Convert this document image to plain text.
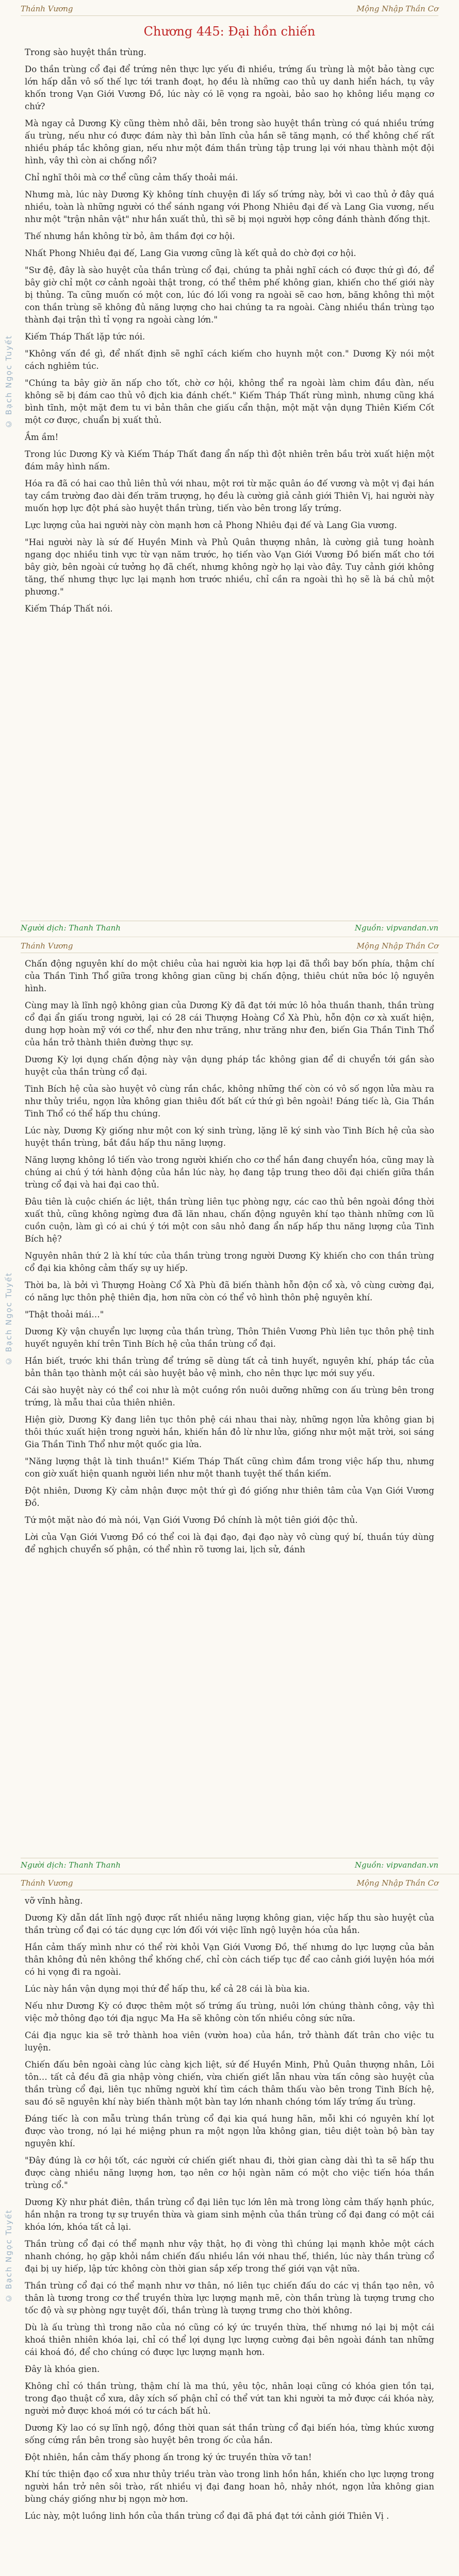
© Bạch Ngọc Tuyết
Thánh Vương	Mộng Nhập Thần Cơ
Chương 445: Đại hồn chiến

Trong sào huyệt thần trùng.

Do thần trùng cổ đại để trứng nên thực lực yếu đi nhiều, trứng ấu trùng là một bảo tàng cực lớn hấp dẫn vô số thế lực tới tranh đoạt, họ đều là những cao thủ uy danh hiển hách, tụ vây khốn trong Vạn Giới Vương Đồ, lúc này có lẽ vọng ra ngoài, bảo sao họ không liều mạng cơ chứ?

Mà ngay cả Dương Kỳ cũng thèm nhỏ dãi, bên trong sào huyệt thần trùng có quá nhiều trứng ấu trùng, nếu như có được đám này thì bản lĩnh của hắn sẽ tăng mạnh, có thể không chế rất nhiều pháp tắc không gian, nếu như một đám thần trùng tập trung lại với nhau thành một đội hình, vây thì còn ai chống nổi?

Chỉ nghĩ thôi mà cơ thể cũng cảm thấy thoải mái.

Nhưng mà, lúc này Dương Kỳ không tính chuyện đi lấy số trứng này, bởi vì cao thủ ở đây quá nhiều, toàn là những người có thể sánh ngang với Phong Nhiêu đại đế và Lang Gia vương, nếu như một "trận nhân vật" như hắn xuất thủ, thì sẽ bị mọi người hợp công đánh thành đống thịt.

Thế nhưng hắn không từ bỏ, âm thầm đợi cơ hội.

Nhất Phong Nhiêu đại đế, Lang Gia vương cũng là kết quả do chờ đợi cơ hội.

"Sư đệ, đây là sào huyệt của thần trùng cổ đại, chúng ta phải nghĩ cách có được thứ gì đó, để bây giờ chỉ một cơ cảnh ngoài thật trong, có thể thêm phế không gian, khiến cho thế giới này bị thủng. Ta cũng muốn có một con, lúc đó lối vong ra ngoài sẽ cao hơn, băng không thì một con thần trùng sẽ không đủ năng lượng cho hai chúng ta ra ngoài. Càng nhiều thần trùng tạo thành đại trận thì tỉ vọng ra ngoài càng lớn."

Kiếm Tháp Thất lặp tức nói.

"Không vấn đề gì, để nhất định sẽ nghĩ cách kiếm cho huynh một con." Dương Kỳ nói một cách nghiêm túc.

"Chúng ta bây giờ ăn nấp cho tốt, chờ cơ hội, không thể ra ngoài làm chim đầu đàn, nếu không sẽ bị đám cao thủ vô địch kia đánh chết." Kiếm Tháp Thất rùng mình, nhưng cũng khá bình tĩnh, một mặt đem tu vi bản thân che giấu cẩn thận, một mặt vận dụng Thiên Kiếm Cốt một cơ được, chuẩn bị xuất thủ.

Ầm ầm!

Trong lúc Dương Kỳ và Kiếm Tháp Thất đang ẩn nấp thì đột nhiên trên bầu trời xuất hiện một đám mây hình nấm.

Hóa ra đã có hai cao thủ liên thủ với nhau, một rơi từ mặc quân áo đế vương và một vị đại hán tay cầm trường đao dài đến trăm trượng, họ đều là cường giả cảnh giới Thiên Vị, hai người này muốn hợp lực đột phá sào huyệt thần trùng, tiến vào bên trong lấy trứng.

Lực lượng của hai người này còn mạnh hơn cả Phong Nhiêu đại đế và Lang Gia vương.

"Hai người này là sứ đế Huyền Minh và Phủ Quân thượng nhân, là cường giả tung hoành ngang dọc nhiều tinh vực từ vạn năm trước, họ tiến vào Vạn Giới Vương Đồ biến mất cho tới bây giờ, bên ngoài cứ tưởng họ đã chết, nhưng không ngờ họ lại vào đây. Tuy cảnh giới không tăng, thế nhưng thực lực lại mạnh hơn trước nhiều, chỉ cần ra ngoài thì họ sẽ là bá chủ một phương."

Kiếm Tháp Thất nói.

Người dịch: Thanh Thanh	Nguồn: vipvandan.vn
© Bạch Ngọc Tuyết
Thánh Vương	Mộng Nhập Thần Cơ

Chấn động nguyên khí do một chiêu của hai người kia hợp lại đã thổi bay bốn phía, thậm chí của Thần Tinh Thổ giữa trong không gian cũng bị chấn động, thiêu chút nữa bóc lộ nguyên hình.

Cùng may là lĩnh ngộ không gian của Dương Kỳ đã đạt tới mức lô hỏa thuần thanh, thần trùng cổ đại ẩn giấu trong người, lại có 28 cái Thượng Hoàng Cổ Xà Phù, hỗn độn cơ xà xuất hiện, dung hợp hoàn mỹ với cơ thể, như đen như trăng, như trăng như đen, biến Gia Thần Tinh Thổ của hắn trở thành thiên đường thực sự.

Dương Kỳ lợi dụng chấn động này vận dụng pháp tắc không gian để di chuyển tới gần sào huyệt của thần trùng cổ đại.

Tinh Bích hệ của sào huyệt vô cùng rắn chắc, không những thế còn có vô số ngọn lửa màu ra như thủy triều, ngọn lửa không gian thiêu đốt bất cứ thứ gì bên ngoài! Đáng tiếc là, Gia Thần Tinh Thổ có thể hấp thu chúng.

Lúc này, Dương Kỳ giống như một con ký sinh trùng, lặng lẽ ký sinh vào Tinh Bích hệ của sào huyệt thần trùng, bắt đầu hấp thu năng lượng.

Năng lượng không lồ tiến vào trong người khiến cho cơ thể hắn đang chuyển hóa, cũng may là chúng ai chú ý tới hành động của hắn lúc này, họ đang tập trung theo dõi đại chiến giữa thần trùng cổ đại và hai đại cao thủ.

Đâu tiên là cuộc chiến ác liệt, thần trùng liên tục phòng ngự, các cao thủ bên ngoài đồng thời xuất thủ, cũng không ngừng đưa đã lăn nhau, chấn động nguyên khí tạo thành những cơn lũ cuồn cuộn, làm gì có ai chú ý tới một con sâu nhỏ đang ẩn nấp hấp thu năng lượng của Tinh Bích hệ?

Nguyên nhân thứ 2 là khí tức của thần trùng trong người Dương Kỳ khiến cho con thần trùng cổ đại kia không cảm thấy sự uy hiếp.

Thời ba, là bởi vì Thượng Hoàng Cổ Xà Phù đã biến thành hỗn độn cổ xà, vô cùng cường đại, có năng lực thôn phệ thiên địa, hơn nữa còn có thể vô hình thôn phệ nguyên khí.

"Thật thoải mái…"

Dương Kỳ vận chuyển lực lượng của thần trùng, Thôn Thiên Vương Phù liên tục thôn phệ tinh huyết nguyên khí trên Tinh Bích hệ của thần trùng cổ đại.

Hắn biết, trước khi thần trùng để trứng sẽ dùng tất cả tinh huyết, nguyên khí, pháp tắc của bản thân tạo thành một cái sào huyệt bảo vệ mình, cho nên thực lực mới suy yếu.

Cái sào huyệt này có thể coi như là một cuồng rồn nuôi dưỡng những con ấu trùng bên trong trứng, là mẫu thai của thiên nhiên.

Hiện giờ, Dương Kỳ đang liên tục thôn phệ cái nhau thai này, những ngọn lửa không gian bị thôi thúc xuất hiện trong người hắn, khiến hắn đỏ lừ như lửa, giống như một mặt trời, soi sáng Gia Thần Tinh Thổ như một quốc gia lửa.

"Năng lượng thật là tinh thuần!" Kiếm Tháp Thất cũng chìm đắm trong việc hấp thu, nhưng con giờ xuất hiện quanh người liền như một thanh tuyệt thế thần kiếm.

Đột nhiên, Dương Kỳ cảm nhận được một thứ gì đó giống như thiên tâm của Vạn Giới Vương Đồ.

Tứ một mặt nào đó mà nói, Vạn Giới Vương Đồ chính là một tiên giới độc thủ.

Lời của Vạn Giới Vương Đồ có thể coi là đại đạo, đại đạo này vô cùng quý bí, thuần túy dùng để nghịch chuyển số phận, có thể nhìn rõ tương lai, lịch sử, đánh

Người dịch: Thanh Thanh	Nguồn: vipvandan.vn
© Bạch Ngọc Tuyết
Thánh Vương	Mộng Nhập Thần Cơ

vỡ vĩnh hằng.

Dương Kỳ dẫn dắt lĩnh ngộ được rất nhiều năng lượng không gian, việc hấp thu sào huyệt của thần trùng cổ đại có tác dụng cực lớn đối với việc lĩnh ngộ luyện hóa của hắn.

Hắn cảm thấy mình như có thể rời khỏi Vạn Giới Vương Đồ, thế nhưng do lực lượng của bản thân không đủ nên không thể khống chế, chỉ còn cách tiếp tục để cao cảnh giới luyện hóa mới có hi vọng đi ra ngoài.

Lúc này hắn vận dụng mọi thứ để hấp thu, kể cả 28 cái là bùa kia.

Nếu như Dương Kỳ có được thêm một số trứng ấu trùng, nuôi lớn chúng thành công, vậy thì việc mở thông đạo tới địa ngục Ma Ha sẽ không còn tốn nhiều công sức nữa.

Cái địa ngục kia sẽ trở thành hoa viên (vườn hoa) của hắn, trở thành đất trân cho việc tu luyện.

Chiến đấu bên ngoài càng lúc càng kịch liệt, sứ đế Huyền Minh, Phủ Quân thượng nhân, Lôi tôn… tất cả đều đã gia nhập vòng chiến, vừa chiến giết lẫn nhau vừa tấn công sào huyệt của thần trùng cổ đại, liên tục những người khí tìm cách thâm thấu vào bên trong Tinh Bích hệ, sau đó sẽ nguyên khí này biến thành một bàn tay lớn nhanh chóng tóm lấy trứng ấu trùng.

Đáng tiếc là con mẫu trùng thần trùng cổ đại kia quá hung hãn, mỗi khi có nguyên khí lọt được vào trong, nó lại hé miệng phun ra một ngọn lửa không gian, tiêu diệt toàn bộ bàn tay nguyên khí.

"Đây đúng là cơ hội tốt, các người cứ chiến giết nhau đi, thời gian càng dài thì ta sẽ hấp thu được càng nhiều năng lượng hơn, tạo nên cơ hội ngàn năm có một cho việc tiến hóa thần trùng cổ."

Dương Kỳ như phát điên, thần trùng cổ đại liên tục lớn lên mà trong lòng cảm thấy hạnh phúc, hắn nhận ra trong tự sự truyền thừa và giam sinh mệnh của thần trùng cổ đại đang có một cái khóa lớn, khóa tất cả lại.

Thần trùng cổ đại có thể mạnh như vậy thật, họ đi vòng thì chúng lại mạnh khỏe một cách nhanh chóng, họ gặp khỏi nắm chiến đấu nhiều lần với nhau thế, thiền, lúc này thần trùng cổ đại bị uy hiếp, lập tức không còn thời gian sắp xếp trong thế giới vạn vật nữa.

Thần trùng cổ đại có thể mạnh như vơ thân, nó liên tục chiến đấu do các vị thần tạo nên, vô thân là tương trong cơ thể truyền thừa lực lượng mạnh mẽ, còn thần trùng là tượng trưng cho tốc độ và sự phòng ngự tuyệt đối, thần trùng là tượng trưng cho thời không.

Dù là ấu trùng thì trong não của nó cũng có ký ức truyền thừa, thế nhưng nó lại bị một cái khoá thiên nhiên khóa lại, chỉ có thể lợi dụng lực lượng cường đại bên ngoài đánh tan những cái khoá đó, để cho chúng có được lực lượng mạnh hơn.

Đây là khóa gien.

Không chỉ có thần trùng, thậm chí là ma thú, yêu tộc, nhân loại cũng có khóa gien tồn tại, trong đạo thuật cổ xưa, dây xích số phận chỉ có thể vứt tan khi người ta mở được cái khóa này, người mở được khoá mới có tư cách bất hủ.

Dương Kỳ lao có sự lĩnh ngộ, đồng thời quan sát thần trùng cổ đại biến hóa, từng khúc xương sống cứng rắn bên trong sào huyệt bên trong ốc của hắn.

Đột nhiên, hắn cảm thấy phong ấn trong ký ức truyền thừa vỡ tan!

Khí tức thiện đạo cổ xưa như thủy triều tràn vào trong linh hồn hắn, khiến cho lực lượng trong người hắn trở nên sôi trào, rất nhiều vị đại đang hoan hô, nhảy nhót, ngọn lửa không gian bùng cháy giống như bị ngọn mờ hơn.

Lúc này, một luồng linh hồn của thần trùng cổ đại đã phá đạt tới cảnh giới Thiên Vị .
